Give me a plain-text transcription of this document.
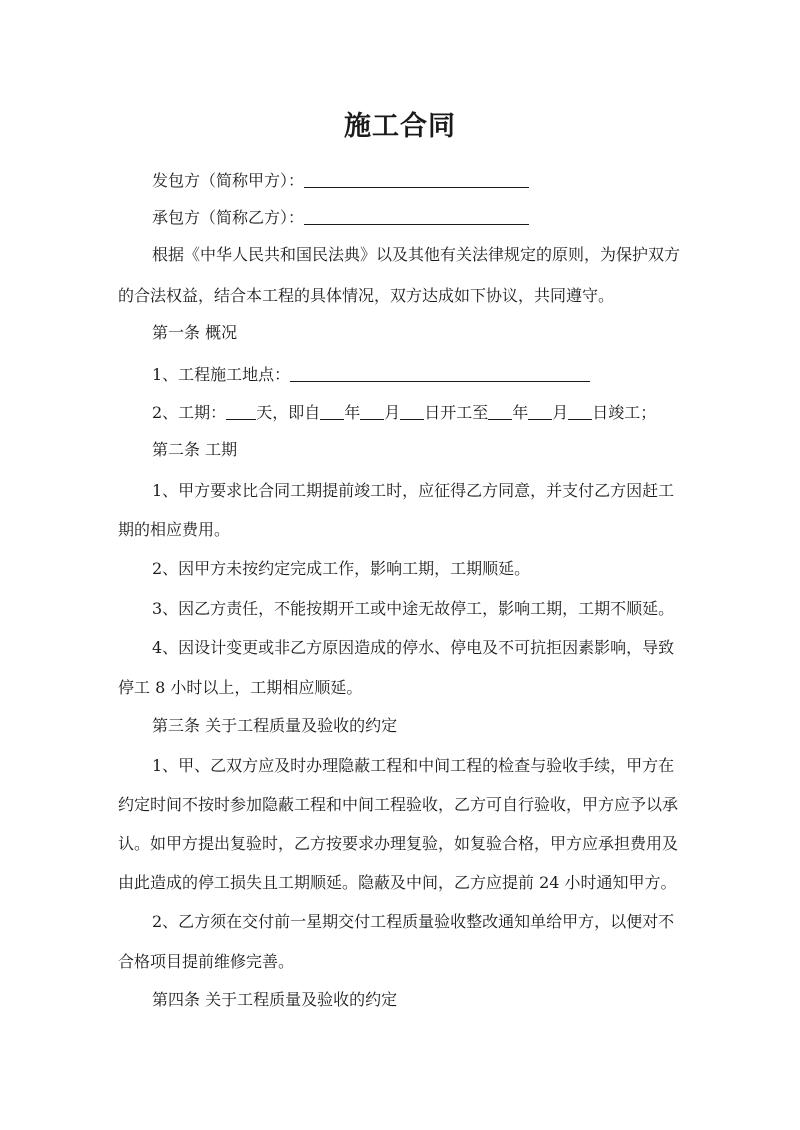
施工合同
发包方（简称甲方）：
承包方（简称乙方）：
根据《中华人民共和国民法典》以及其他有关法律规定的原则，为保护双方
的合法权益，结合本工程的具体情况，双方达成如下协议，共同遵守。
第一条 概况
1、工程施工地点：
2、工期： 天，即自 年 月 日开工至 年 月 日竣工；
第二条 工期
1、甲方要求比合同工期提前竣工时，应征得乙方同意，并支付乙方因赶工
期的相应费用。
2、因甲方未按约定完成工作，影响工期，工期顺延。
3、因乙方责任，不能按期开工或中途无故停工，影响工期，工期不顺延。
4、因设计变更或非乙方原因造成的停水、停电及不可抗拒因素影响，导致
停工 8 小时以上，工期相应顺延。
第三条 关于工程质量及验收的约定
1、甲、乙双方应及时办理隐蔽工程和中间工程的检查与验收手续，甲方在
约定时间不按时参加隐蔽工程和中间工程验收，乙方可自行验收，甲方应予以承
认。如甲方提出复验时，乙方按要求办理复验，如复验合格，甲方应承担费用及
由此造成的停工损失且工期顺延。隐蔽及中间，乙方应提前 24 小时通知甲方。
2、乙方须在交付前一星期交付工程质量验收整改通知单给甲方，以便对不
合格项目提前维修完善。
第四条 关于工程质量及验收的约定
